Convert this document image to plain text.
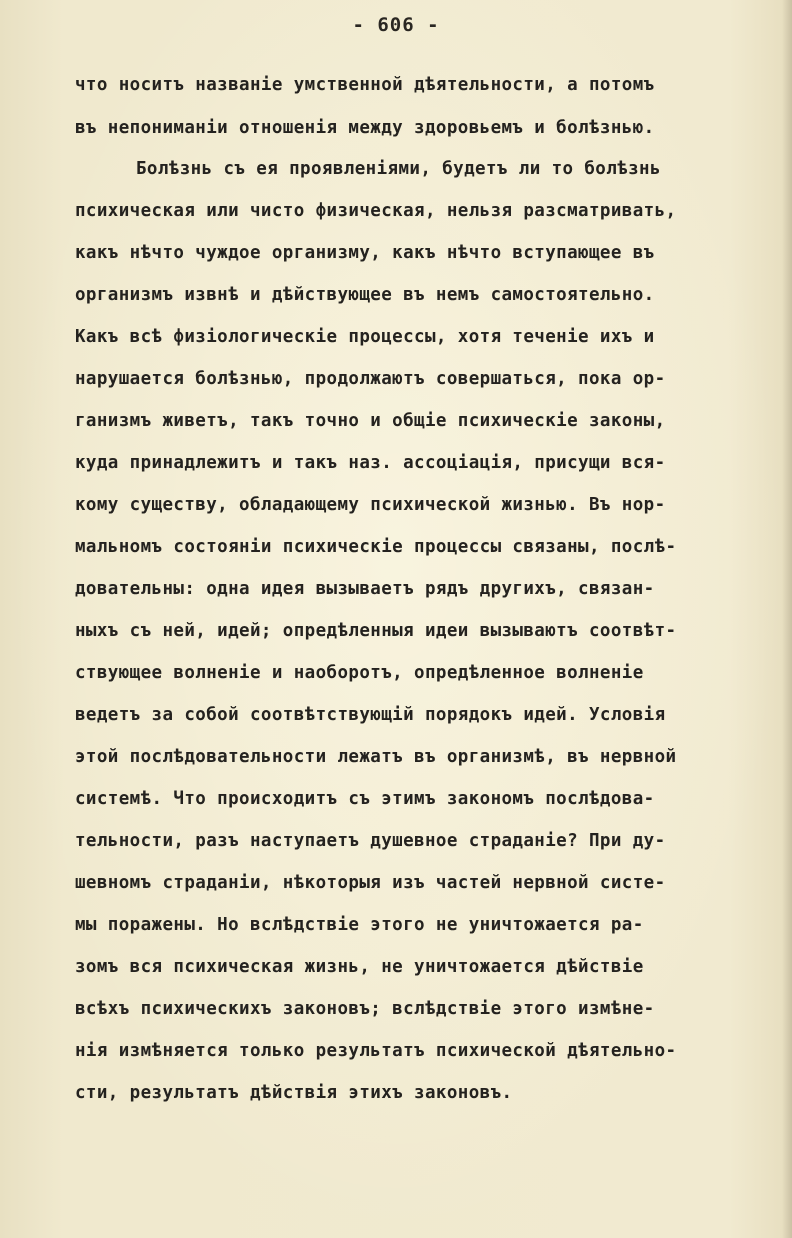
- 606 -
что носитъ названіе умственной дѣятельности, а потомъ
въ непониманіи отношенія между здоровьемъ и болѣзнью.
Болѣзнь съ ея проявленіями, будетъ ли то болѣзнь
психическая или чисто физическая, нельзя разсматривать,
какъ нѣчто чуждое организму, какъ нѣчто вступающее въ
организмъ извнѣ и дѣйствующее въ немъ самостоятельно.
Какъ всѣ физіологическіе процессы, хотя теченіе ихъ и
нарушается болѣзнью, продолжаютъ совершаться, пока ор-
ганизмъ живетъ, такъ точно и общіе психическіе законы,
куда принадлежитъ и такъ наз. ассоціація, присущи вся-
кому существу, обладающему психической жизнью. Въ нор-
мальномъ состояніи психическіе процессы связаны, послѣ-
довательны: одна идея вызываетъ рядъ другихъ, связан-
ныхъ съ ней, идей; опредѣленныя идеи вызываютъ соотвѣт-
ствующее волненіе и наоборотъ, опредѣленное волненіе
ведетъ за собой соотвѣтствующій порядокъ идей. Условія
этой послѣдовательности лежатъ въ организмѣ, въ нервной
системѣ. Что происходитъ съ этимъ закономъ послѣдова-
тельности, разъ наступаетъ душевное страданіе? При ду-
шевномъ страданіи, нѣкоторыя изъ частей нервной систе-
мы поражены. Но вслѣдствіе этого не уничтожается ра-
зомъ вся психическая жизнь, не уничтожается дѣйствіе
всѣхъ психическихъ законовъ; вслѣдствіе этого измѣне-
нія измѣняется только результатъ психической дѣятельно-
сти, результатъ дѣйствія этихъ законовъ.
